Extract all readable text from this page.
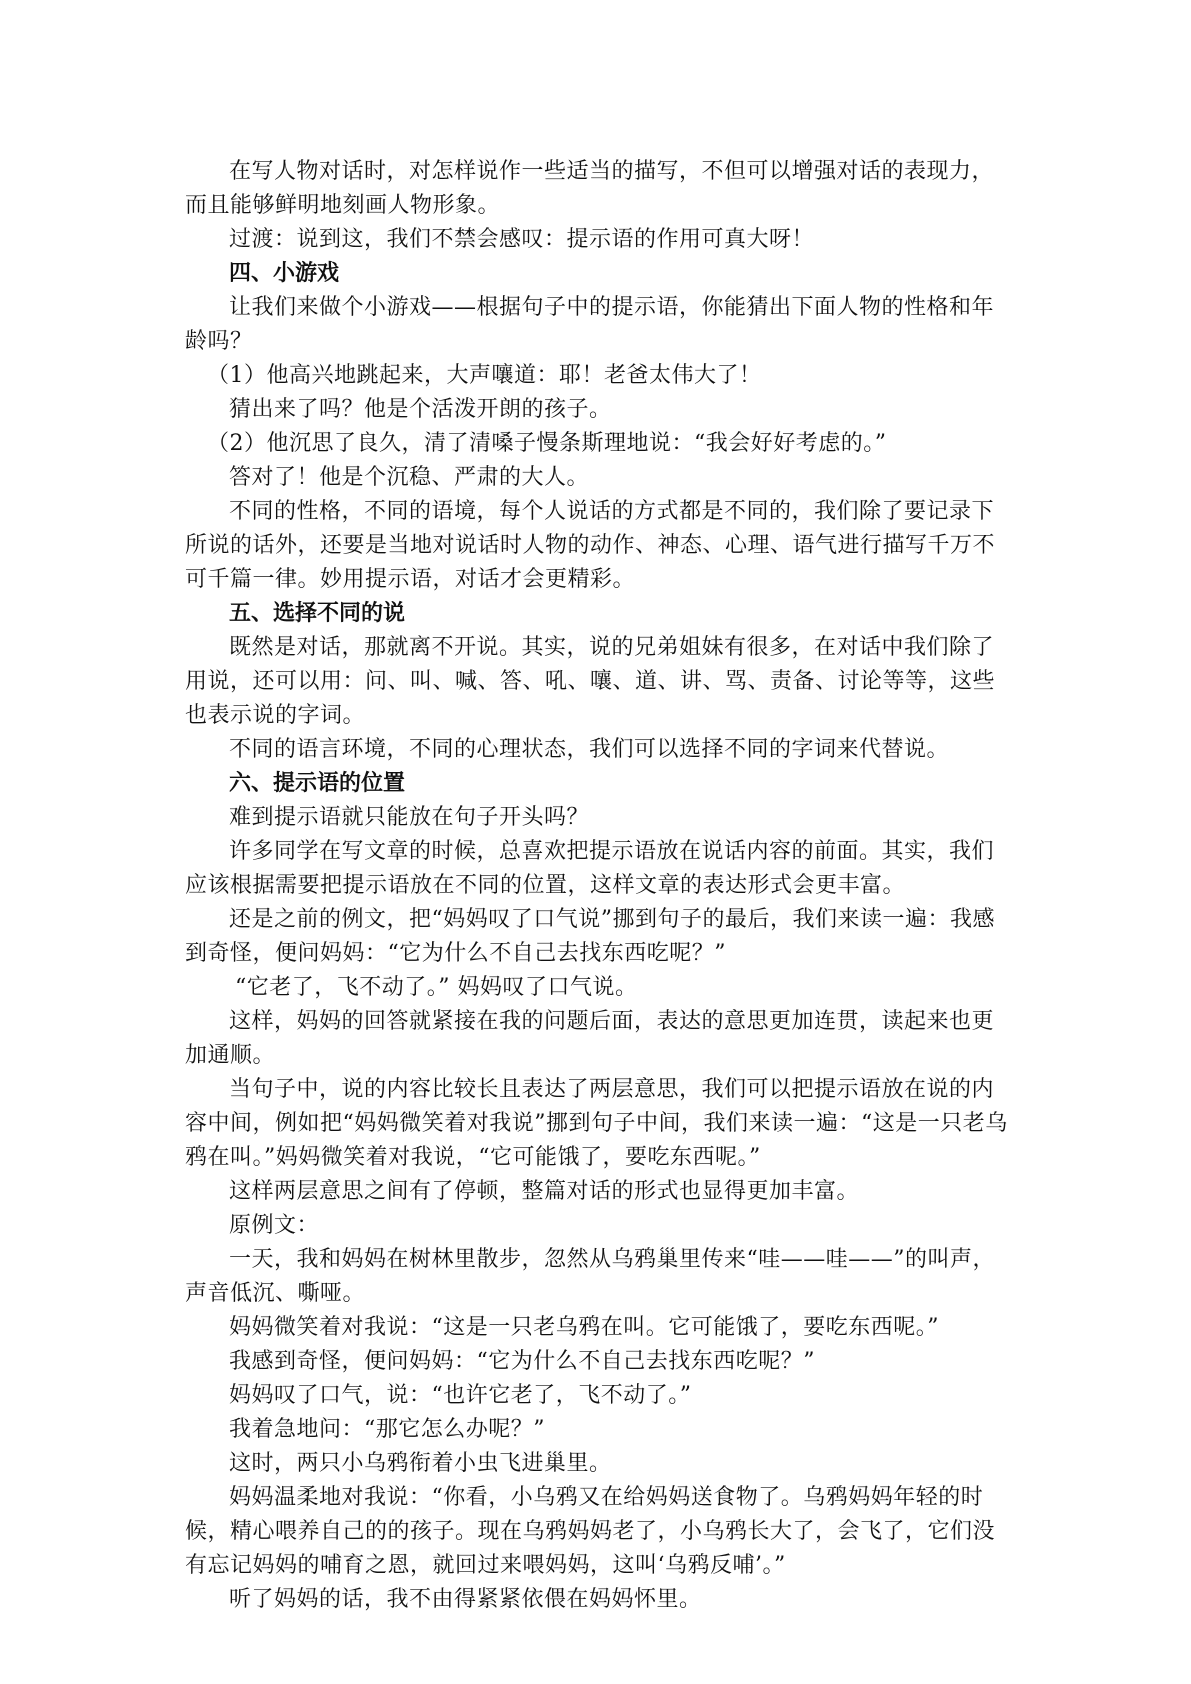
在写人物对话时，对怎样说作一些适当的描写，不但可以增强对话的表现力，而且能够鲜明地刻画人物形象。
过渡：说到这，我们不禁会感叹：提示语的作用可真大呀！
四、小游戏
让我们来做个小游戏——根据句子中的提示语，你能猜出下面人物的性格和年龄吗？
（1）他高兴地跳起来，大声嚷道：耶！老爸太伟大了！
猜出来了吗？他是个活泼开朗的孩子。
（2）他沉思了良久，清了清嗓子慢条斯理地说：“我会好好考虑的。”
答对了！他是个沉稳、严肃的大人。
不同的性格，不同的语境，每个人说话的方式都是不同的，我们除了要记录下所说的话外，还要是当地对说话时人物的动作、神态、心理、语气进行描写千万不可千篇一律。妙用提示语，对话才会更精彩。
五、选择不同的说
既然是对话，那就离不开说。其实，说的兄弟姐妹有很多，在对话中我们除了用说，还可以用：问、叫、喊、答、吼、嚷、道、讲、骂、责备、讨论等等，这些也表示说的字词。
不同的语言环境，不同的心理状态，我们可以选择不同的字词来代替说。
六、提示语的位置
难到提示语就只能放在句子开头吗？
许多同学在写文章的时候，总喜欢把提示语放在说话内容的前面。其实，我们应该根据需要把提示语放在不同的位置，这样文章的表达形式会更丰富。
还是之前的例文，把“妈妈叹了口气说”挪到句子的最后，我们来读一遍：我感到奇怪，便问妈妈：“它为什么不自己去找东西吃呢？”
“它老了，飞不动了。” 妈妈叹了口气说。
这样，妈妈的回答就紧接在我的问题后面，表达的意思更加连贯，读起来也更加通顺。
当句子中，说的内容比较长且表达了两层意思，我们可以把提示语放在说的内容中间，例如把“妈妈微笑着对我说”挪到句子中间，我们来读一遍：“这是一只老乌鸦在叫。”妈妈微笑着对我说，“它可能饿了，要吃东西呢。”
这样两层意思之间有了停顿，整篇对话的形式也显得更加丰富。
原例文：
一天，我和妈妈在树林里散步，忽然从乌鸦巢里传来“哇——哇——”的叫声，声音低沉、嘶哑。
妈妈微笑着对我说：“这是一只老乌鸦在叫。它可能饿了，要吃东西呢。”
我感到奇怪，便问妈妈：“它为什么不自己去找东西吃呢？”
妈妈叹了口气，说：“也许它老了，飞不动了。”
我着急地问：“那它怎么办呢？”
这时，两只小乌鸦衔着小虫飞进巢里。
妈妈温柔地对我说：“你看，小乌鸦又在给妈妈送食物了。乌鸦妈妈年轻的时候，精心喂养自己的的孩子。现在乌鸦妈妈老了，小乌鸦长大了，会飞了，它们没有忘记妈妈的哺育之恩，就回过来喂妈妈，这叫‘乌鸦反哺’。”
听了妈妈的话，我不由得紧紧依偎在妈妈怀里。
